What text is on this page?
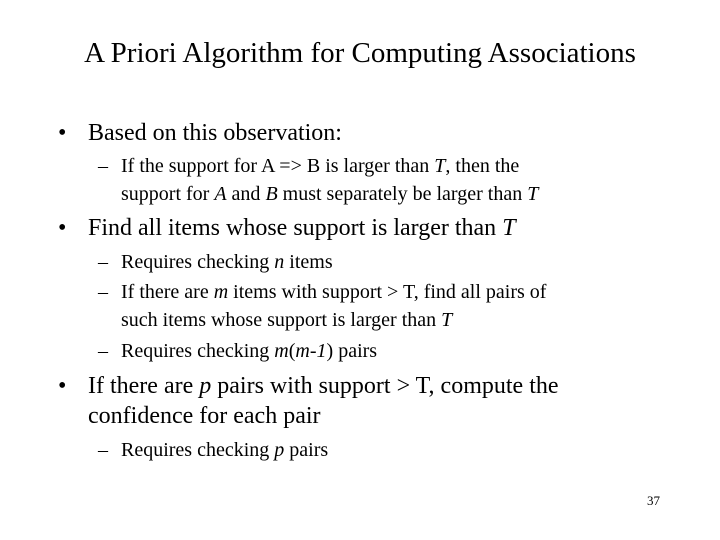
A Priori Algorithm for Computing Associations
• Based on this observation:
– If the support for A => B is larger than T, then the
support for A and B must separately be larger than T
• Find all items whose support is larger than T
– Requires checking n items
– If there are m items with support > T, find all pairs of
such items whose support is larger than T
– Requires checking m(m-1) pairs
• If there are p pairs with support > T, compute the
confidence for each pair
– Requires checking p pairs
37
